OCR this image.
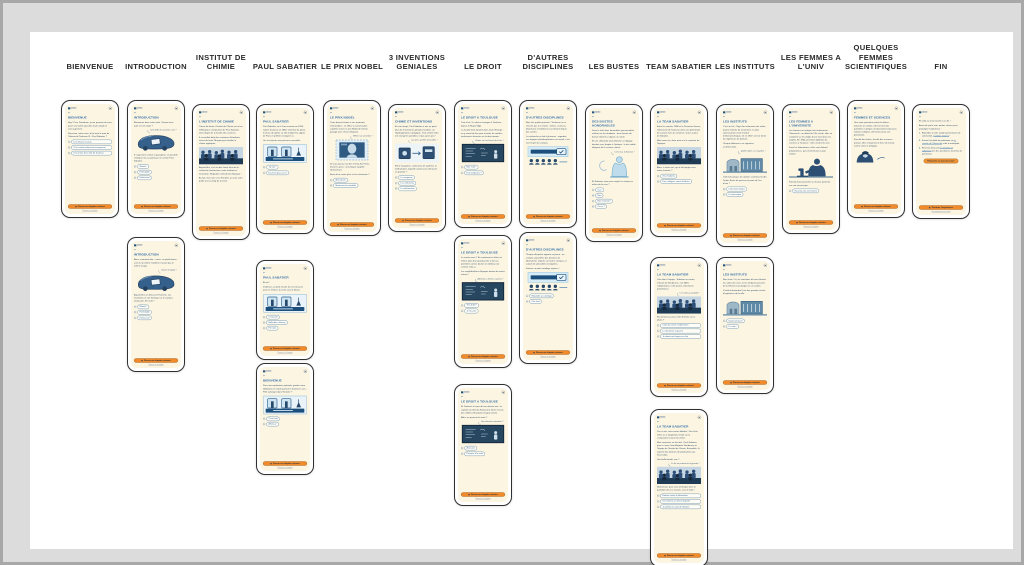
BIENVENUE
↩
BIENVENUE

Hey ! Pour l'introduire, je me permets de vous poser une petite question toute simple et sans jugement.

Dites-moi, selon vous, d'où vient le nom de l'Université Toulouse III - Paul Sabatier ?

▸ D'un illustre inconnu
▸ D'un savant toulousain récompensé
▸ D'un maire de la ville de Toulouse
Passer au chapitre suivant
Revoir ce chapitre
INTRODUCTION
↩
INTRODUCTION

Bienvenue dans cette visite ! Savez-vous quel est cet engin ?

Une drôle de machine, non ?

Il s'agit d'une voiture à gazogène, un procédé chimique mis au point par un certain Paul Sabatier.

▸ Waouh !
▸ Formidable
▸ Intéressant
Passer au chapitre suivant
Revoir ce chapitre
↩
INTRODUCTION

Alors, comment dire... merci, ou plutôt bravo : sans lui la chimie moderne n'aurait pas le même visage.

Suivez le guide !

Aujourd'hui, on découvre l'homme, ses inventions et son héritage sur le campus toulousain. En route !

▸ Waouh !
▸ Formidable
▸ Intéressant
Passer au chapitre suivant
Revoir ce chapitre
INSTITUT DE CHIMIE
↩
L'INSTITUT DE CHIMIE

Trésor de durée, l'Institut de Chimie est né en 1906 grâce à l'impulsion de Paul Sabatier, alors doyen de la faculté des sciences.

Il accueillait déjà des centaines d'étudiants venus de toute l'Europe pour étudier la chimie appliquée.

Aujourd'hui, c'est un des hauts lieux de la recherche toulousaine, entre tradition et innovation. Regardez cette photo d'époque !

Au fait, mon nom c'est Paulette, je serai votre guide tout au long de la visite.

Passer au chapitre suivant
Revoir ce chapitre
PAUL SABATIER
↩
PAUL SABATIER

Paul Sabatier, né à Carcassonne en 1854, rejoint Toulouse en 1882. Chimiste de génie, il refuse de quitter sa ville malgré les appels de Paris et préfère enseigner ici.

On va retracer son parcours ensemble.

▸ J'y vais !
▸ Dis-m'en plus sur lui
Passer au chapitre suivant
Revoir ce chapitre
↩
PAUL SABATIER

Et oui !

D'ailleurs, un petit musée lui est consacré juste ici. Entrez, la visite vaut le détour.

▸ C'est parti
▸ Belle idée, allons-y
▸ En route
Passer au chapitre suivant
Revoir ce chapitre
↩
BIENVENUE

Pour une exploration optimale, gardez votre téléphone en mode portrait et montez le son. Prêt à plonger dans l'histoire ?

▸ C'est noté
▸ Allons-y !
Passer au chapitre suivant
Revoir ce chapitre
LE PRIX NOBEL
↩
LE PRIX NOBEL

Toute bonne histoire a ses moments mémorables : en 1912, la consécration suprême arrive, le prix Nobel de chimie, partagé avec Victor Grignard.

Même sur un timbre !

Si vous passez rue des Trente-Six Ponts, levez les yeux : une plaque rappelle l'événement.

Envie d'en savoir plus sur la cérémonie ?

▸ Avec plaisir
▸ Montre-moi la médaille
Passer au chapitre suivant
Revoir ce chapitre
3 INVENTIONS GENIALES
↩
CHIMIE ET INVENTIONS

En son temps, Paul Sabatier a mis au point plus de 3 inventions géniales fondées sur l'hydrogénation catalytique. Trois d'entre elles ont changé le quotidien, et pas qu'un peu !

Ça alors, quelles trouvailles !

Entre margarine, carburants de synthèse et méthanation, laquelle voulez-vous découvrir en premier ?

▸ La margarine
▸ Les carburants
▸ La méthanation
Passer au chapitre suivant
Revoir ce chapitre
LE DROIT
↩
LE DROIT A TOULOUSE

Tout à fait ! Le droit s'enseigne à Toulouse depuis le Moyen Âge.

La faculté était réputée dans toute l'Europe : on y venait de loin pour écouter les maîtres toulousains disserter sur le droit romain.

Retour sur les bancs de la fac !
▸ Bien noté !
▸ Et la médecine ?
Passer au chapitre suivant
Revoir ce chapitre
↩
LE DROIT A TOULOUSE

Le saviez-vous ? En soutenant sa thèse ici même, plus d'un grand juriste a fait ses premières armes devant un tableau noir comme celui-ci.

Les amphithéâtres d'époque étaient de vraies arènes !

Attention à l'interro surprise !
▸ Très drôle !
▸ Je t'écoute
Passer au chapitre suivant
Revoir ce chapitre
↩
LE DROIT A TOULOUSE

Et Toulouse n'a pas dit son dernier mot : la capitale du droit du Sud-Ouest forme encore des milliers d'étudiants chaque année.

Allez, on poursuit la visite ?

Une dernière anecdote ?
▸ Avec joie
▸ Passons à la suite
Passer au chapitre suivant
Revoir ce chapitre
D'AUTRES DISCIPLINES
↩
D'AUTRES DISCIPLINES

Bien sûr, quelle question ! Toulouse ne se résume pas à la chimie : lettres, sciences, pharmacie et médecine s'y côtoient depuis des siècles.

La recherche se fait à plusieurs : regardez ces équipes pluridisciplinaires au travail, c'est tout l'esprit du campus.

Passer au chapitre suivant
Revoir ce chapitre
↩
D'AUTRES DISCIPLINES

Chaque discipline apporte sa pierre : on compte aujourd'hui des dizaines de laboratoires répartis sur tout le campus, et autant de spécialités enseignées.

Faisons un petit sondage express !

▸ Répondre au sondage
▸ Plus tard
Passer au chapitre suivant
Revoir ce chapitre
LES BUSTES
↩
DES BUSTES HONORABLES

Dans le hall, deux honorables personnalités veillent sur les étudiants : leurs bustes de bronze trônent ici depuis un siècle.

Et une silhouette toute blanche se dégage derrière eux, drapée à l'antique : la très noble allégorie de la science, dit-on.

C'est moi, la Science !

Et Sabatier, avez-vous repéré sa statue au milieu de la cour ?

▸ Oui !
▸ Non
▸ Bien entendu !
▸ Où ça ?
Passer au chapitre suivant
Revoir ce chapitre
TEAM SABATIER
↩
LA TEAM SABATIER

Entre les années 1880 et la Première Guerre, l'Université de Toulouse attire une génération de savants hors du commun, réunis autour de Sabatier.

Mais avant ça, deux mots sur le contexte de l'époque.

Alors, à votre avis, qui a fait équipe avec notre chimiste ?

▸ Ses étudiants
▸ Des collègues venus d'ailleurs
Passer au chapitre suivant
Revoir ce chapitre
↩
LA TEAM SABATIER

Voici donc l'équipe : Sabatier au centre, entouré de Senderens, son fidèle collaborateur, et de jeunes chercheurs prometteurs.

Les voilà au complet !

Reconnaissez-vous notre homme sur la photo ?

▸ Celui du centre, évidemment
▸ Le deuxième à gauche
▸ Je donne ma langue au chat
Passer au chapitre suivant
Revoir ce chapitre
↩
LA TEAM SABATIER

Pas si vite, nous avons débattu ! Dès la fin 1912, on a longtemps hésité sur la composition exacte du cliché.

Mais revenons au fait réel : Paul Sabatier pose ici avec Jean-Baptiste Senderens et l'équipe de l'Institut de Chimie. Ensemble, ils signent des dizaines de publications qui feront date.

Une belle bande, non ?

Le 3e en partant de la gauche !

Maintenant, pour vous immerger dans le quotidien de ces savants, voici le labo !

▸ Entrons visiter le laboratoire
▸ Un moment, je relis la légende
▸ Je préfère la suite de l'histoire
Passer au chapitre suivant
Revoir ce chapitre
LES INSTITUTS
↩
LES INSTITUTS

C'est un fait : l'âge d'or toulousain voit naître quatre instituts de renommée. Le plus spectaculaire reste l'institut d'électrotechnique, né en 1907, où l'on forme les ingénieurs de demain.

Chaque bâtiment a sa signature architecturale.

Quelle allure, ces façades !

Côté mécanique, les ateliers vrombissent dès l'aube. Envie de pousser la porte de l'un d'eux ?

▸ L'électrotechnique
▸ La mécanique
Passer au chapitre suivant
Revoir ce chapitre
↩
LES INSTITUTS

Bon choix ! Ici, les machines d'essai côtoient les salles de cours, et les étudiants passent de la théorie à la pratique en un couloir.

L'institut deviendra l'une des grandes écoles d'ingénieurs de la ville.

▸ Impressionnant
▸ La suite !
Passer au chapitre suivant
Revoir ce chapitre
LES FEMMES A L'UNIV
↩
LES FEMMES A L'UNIVERSITE

Les femmes ont intégré très tardivement l'Université : au début du XXe siècle, elles se comptent sur les doigts d'une main dans les amphis. En 1906, première diplômée de sciences à Toulouse : elles ouvrent la voie.

Dans les laboratoires, elles sont d'abord préparatrices, puis chercheuses à part entière.

Portrait d'une pionnière au travail, penchée sur son microscope.

▸ Raconte-moi son histoire
Passer au chapitre suivant
Revoir ce chapitre
QUELQUES FEMMES SCIENTIFIQUES
↩
FEMMES ET SCIENCES

Une autre pionnière mérite le détour : docteure en chimie, elle fut l'une des premières à diriger un laboratoire toulousain. Talents multiples, elle forma toute une génération.

Faculté des lettres, faculté des sciences : partout, elles s'imposent à force de travail, contre vents et préjugés.

Passer au chapitre suivant
Revoir ce chapitre
FIN
↩

Et voilà, la visite touche à sa fin !

Avant de partir, trois petites choses pour prolonger l'expérience :

1. Répondez à notre rapide questionnaire de satisfaction, 5 petites minutes !
2. Suivez l'actualité du patrimoine sur le compte de l'Université et de la métropole.
3. Revenez découvrir les archives et collections lors des prochaines Journées du patrimoine.
Répondre au questionnaire
Terminer l'expérience
Recommencer la visite
